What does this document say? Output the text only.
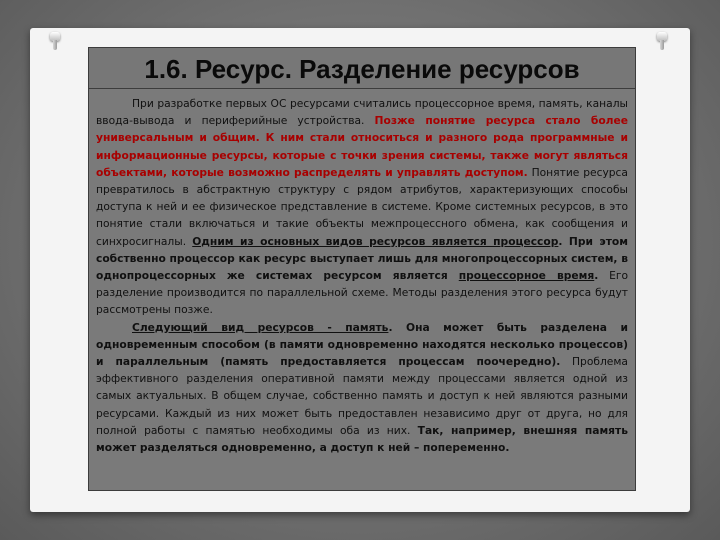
1.6. Ресурс. Разделение ресурсов

При разработке первых ОС ресурсами считались процессорное время, память, каналы ввода-вывода и периферийные устройства. Позже понятие ресурса стало более универсальным и общим. К ним стали относиться и разного рода программные и информационные ресурсы, которые с точки зрения системы, также могут являться объектами, которые возможно распределять и управлять доступом. Понятие ресурса превратилось в абстрактную структуру с рядом атрибутов, характеризующих способы доступа к ней и ее физическое представление в системе. Кроме системных ресурсов, в это понятие стали включаться и такие объекты межпроцессного обмена, как сообщения и синхросигналы. Одним из основных видов ресурсов является процессор. При этом собственно процессор как ресурс выступает лишь для многопроцессорных систем, в однопроцессорных же системах ресурсом является процессорное время. Его разделение производится по параллельной схеме. Методы разделения этого ресурса будут рассмотрены позже.

Следующий вид ресурсов - память. Она может быть разделена и одновременным способом (в памяти одновременно находятся несколько процессов) и параллельным (память предоставляется процессам поочередно). Проблема эффективного разделения оперативной памяти между процессами является одной из самых актуальных. В общем случае, собственно память и доступ к ней являются разными ресурсами. Каждый из них может быть предоставлен независимо друг от друга, но для полной работы с памятью необходимы оба из них. Так, например, внешняя память может разделяться одновременно, а доступ к ней – попеременно.
